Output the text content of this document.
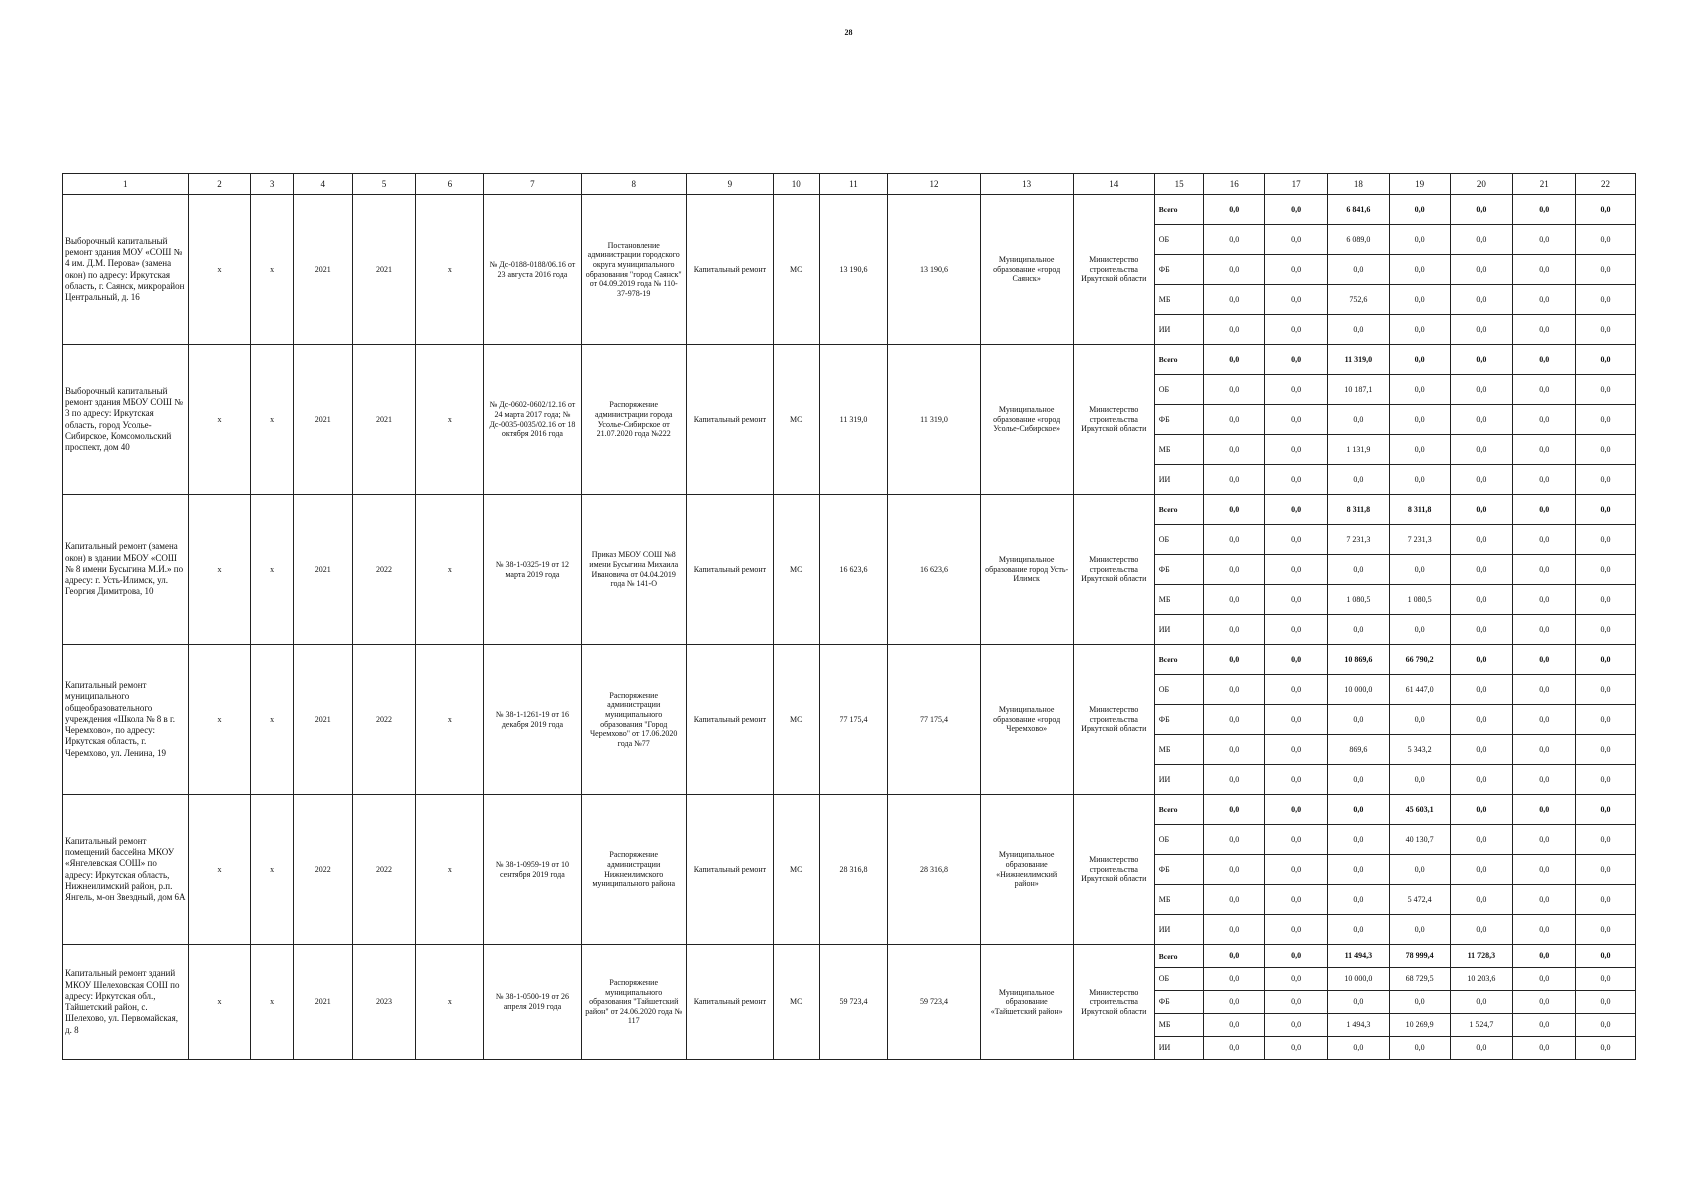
28
1	2	3	4	5	6	7	8	9	10	11	12	13	14	15	16	17	18	19	20	21	22
Выборочный капитальный ремонт здания МОУ «СОШ № 4 им. Д.М. Перова» (замена окон) по адресу: Иркутская область, г. Саянск, микрорайон Центральный, д. 16	х	х	2021	2021	х	№ Дс-0188-0188/06.16 от 23 августа 2016 года	Постановление администрации городского округа муниципального образования "город Саянск" от 04.09.2019 года № 110-37-978-19	Капитальный ремонт	МС	13 190,6	13 190,6	Муниципальное образование «город Саянск»	Министерство строительства Иркутской области	Всего	0,0	0,0	6 841,6	0,0	0,0	0,0	0,0
														ОБ	0,0	0,0	6 089,0	0,0	0,0	0,0	0,0
														ФБ	0,0	0,0	0,0	0,0	0,0	0,0	0,0
														МБ	0,0	0,0	752,6	0,0	0,0	0,0	0,0
														ИИ	0,0	0,0	0,0	0,0	0,0	0,0	0,0
Выборочный капитальный ремонт здания МБОУ СОШ № 3 по адресу: Иркутская область, город Усолье-Сибирское, Комсомольский проспект, дом 40	х	х	2021	2021	х	№ Дс-0602-0602/12.16 от 24 марта 2017 года; № Дс-0035-0035/02.16 от 18 октября 2016 года	Распоряжение администрации города Усолье-Сибирское от 21.07.2020 года №222	Капитальный ремонт	МС	11 319,0	11 319,0	Муниципальное образование «город Усолье-Сибирское»	Министерство строительства Иркутской области	Всего	0,0	0,0	11 319,0	0,0	0,0	0,0	0,0
														ОБ	0,0	0,0	10 187,1	0,0	0,0	0,0	0,0
														ФБ	0,0	0,0	0,0	0,0	0,0	0,0	0,0
														МБ	0,0	0,0	1 131,9	0,0	0,0	0,0	0,0
														ИИ	0,0	0,0	0,0	0,0	0,0	0,0	0,0
Капитальный ремонт (замена окон) в здании МБОУ «СОШ № 8 имени Бусыгина М.И.» по адресу: г. Усть-Илимск, ул. Георгия Димитрова, 10	х	х	2021	2022	х	№ 38-1-0325-19 от 12 марта 2019 года	Приказ МБОУ СОШ №8 имени Бусыгина Михаила Ивановича от 04.04.2019 года № 141-О	Капитальный ремонт	МС	16 623,6	16 623,6	Муниципальное образование город Усть-Илимск	Министерство строительства Иркутской области	Всего	0,0	0,0	8 311,8	8 311,8	0,0	0,0	0,0
														ОБ	0,0	0,0	7 231,3	7 231,3	0,0	0,0	0,0
														ФБ	0,0	0,0	0,0	0,0	0,0	0,0	0,0
														МБ	0,0	0,0	1 080,5	1 080,5	0,0	0,0	0,0
														ИИ	0,0	0,0	0,0	0,0	0,0	0,0	0,0
Капитальный ремонт муниципального общеобразовательного учреждения «Школа № 8 в г. Черемхово», по адресу: Иркутская область, г. Черемхово, ул. Ленина, 19	х	х	2021	2022	х	№ 38-1-1261-19 от 16 декабря 2019 года	Распоряжение администрации муниципального образования "Город Черемхово" от 17.06.2020 года №77	Капитальный ремонт	МС	77 175,4	77 175,4	Муниципальное образование «город Черемхово»	Министерство строительства Иркутской области	Всего	0,0	0,0	10 869,6	66 790,2	0,0	0,0	0,0
														ОБ	0,0	0,0	10 000,0	61 447,0	0,0	0,0	0,0
														ФБ	0,0	0,0	0,0	0,0	0,0	0,0	0,0
														МБ	0,0	0,0	869,6	5 343,2	0,0	0,0	0,0
														ИИ	0,0	0,0	0,0	0,0	0,0	0,0	0,0
Капитальный ремонт помещений бассейна МКОУ «Янгелевская СОШ» по адресу: Иркутская область, Нижнеилимский район, р.п. Янгель, м-он Звездный, дом 6А	х	х	2022	2022	х	№ 38-1-0959-19 от 10 сентября 2019 года	Распоряжение администрации Нижнеилимского муниципального района	Капитальный ремонт	МС	28 316,8	28 316,8	Муниципальное образование «Нижнеилимский район»	Министерство строительства Иркутской области	Всего	0,0	0,0	0,0	45 603,1	0,0	0,0	0,0
														ОБ	0,0	0,0	0,0	40 130,7	0,0	0,0	0,0
														ФБ	0,0	0,0	0,0	0,0	0,0	0,0	0,0
														МБ	0,0	0,0	0,0	5 472,4	0,0	0,0	0,0
														ИИ	0,0	0,0	0,0	0,0	0,0	0,0	0,0
Капитальный ремонт зданий МКОУ Шелеховская СОШ по адресу: Иркутская обл., Тайшетский район, с. Шелехово, ул. Первомайская, д. 8	х	х	2021	2023	х	№ 38-1-0500-19 от 26 апреля 2019 года	Распоряжение муниципального образования "Тайшетский район" от 24.06.2020 года № 117	Капитальный ремонт	МС	59 723,4	59 723,4	Муниципальное образование «Тайшетский район»	Министерство строительства Иркутской области	Всего	0,0	0,0	11 494,3	78 999,4	11 728,3	0,0	0,0
														ОБ	0,0	0,0	10 000,0	68 729,5	10 203,6	0,0	0,0
														ФБ	0,0	0,0	0,0	0,0	0,0	0,0	0,0
														МБ	0,0	0,0	1 494,3	10 269,9	1 524,7	0,0	0,0
														ИИ	0,0	0,0	0,0	0,0	0,0	0,0	0,0
